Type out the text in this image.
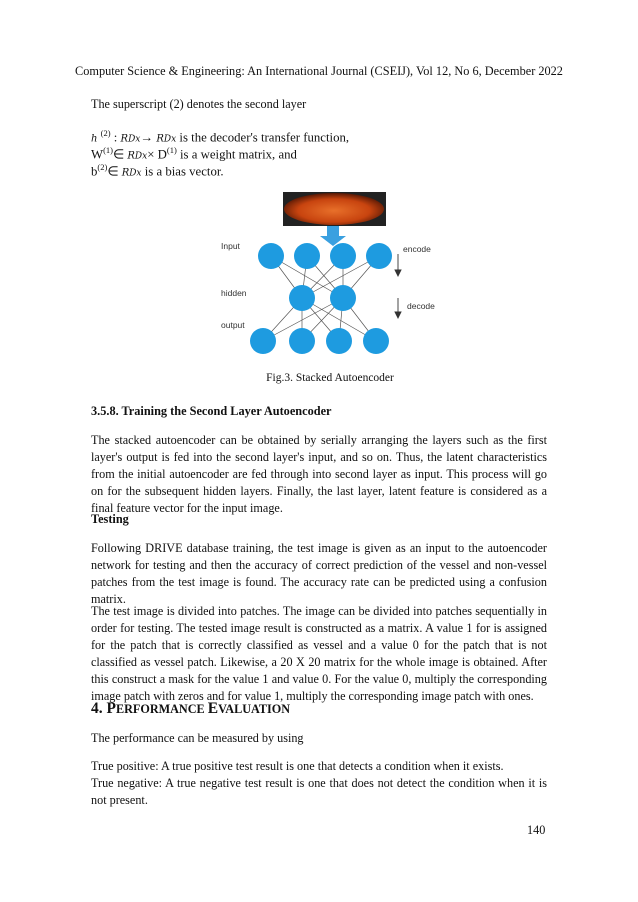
Computer Science & Engineering: An International Journal (CSEIJ), Vol 12, No 6, December 2022
The superscript (2) denotes the second layer
h $^{(2)}$ : RDx→ RDx is the decoder's transfer function,
$W^{(1)}\in$ $RDx\times D^{(1)}$ is a weight matrix, and
$b^{(2)}\in$ RDx is a bias vector.
Input
hidden
output
encode
decode
Fig.3. Stacked Autoencoder
3.5.8. Training the Second Layer Autoencoder
The stacked autoencoder can be obtained by serially arranging the layers such as the first layer's output is fed into the second layer's input, and so on. Thus, the latent characteristics from the initial autoencoder are fed through into second layer as input. This process will go on for the subsequent hidden layers. Finally, the last layer, latent feature is considered as a final feature vector for the input image.
Testing
Following DRIVE database training, the test image is given as an input to the autoencoder network for testing and then the accuracy of correct prediction of the vessel and non-vessel patches from the test image is found. The accuracy rate can be predicted using a confusion matrix.
The test image is divided into patches. The image can be divided into patches sequentially in order for testing. The tested image result is constructed as a matrix. A value 1 for is assigned for the patch that is correctly classified as vessel and a value 0 for the patch that is not classified as vessel patch. Likewise, a 20 X 20 matrix for the whole image is obtained. After this construct a mask for the value 1 and value 0. For the value 0, multiply the corresponding image patch with zeros and for value 1, multiply the corresponding image patch with ones.
4. PERFORMANCE EVALUATION
The performance can be measured by using
True positive: A true positive test result is one that detects a condition when it exists.
True negative: A true negative test result is one that does not detect the condition when it is not present.
140
